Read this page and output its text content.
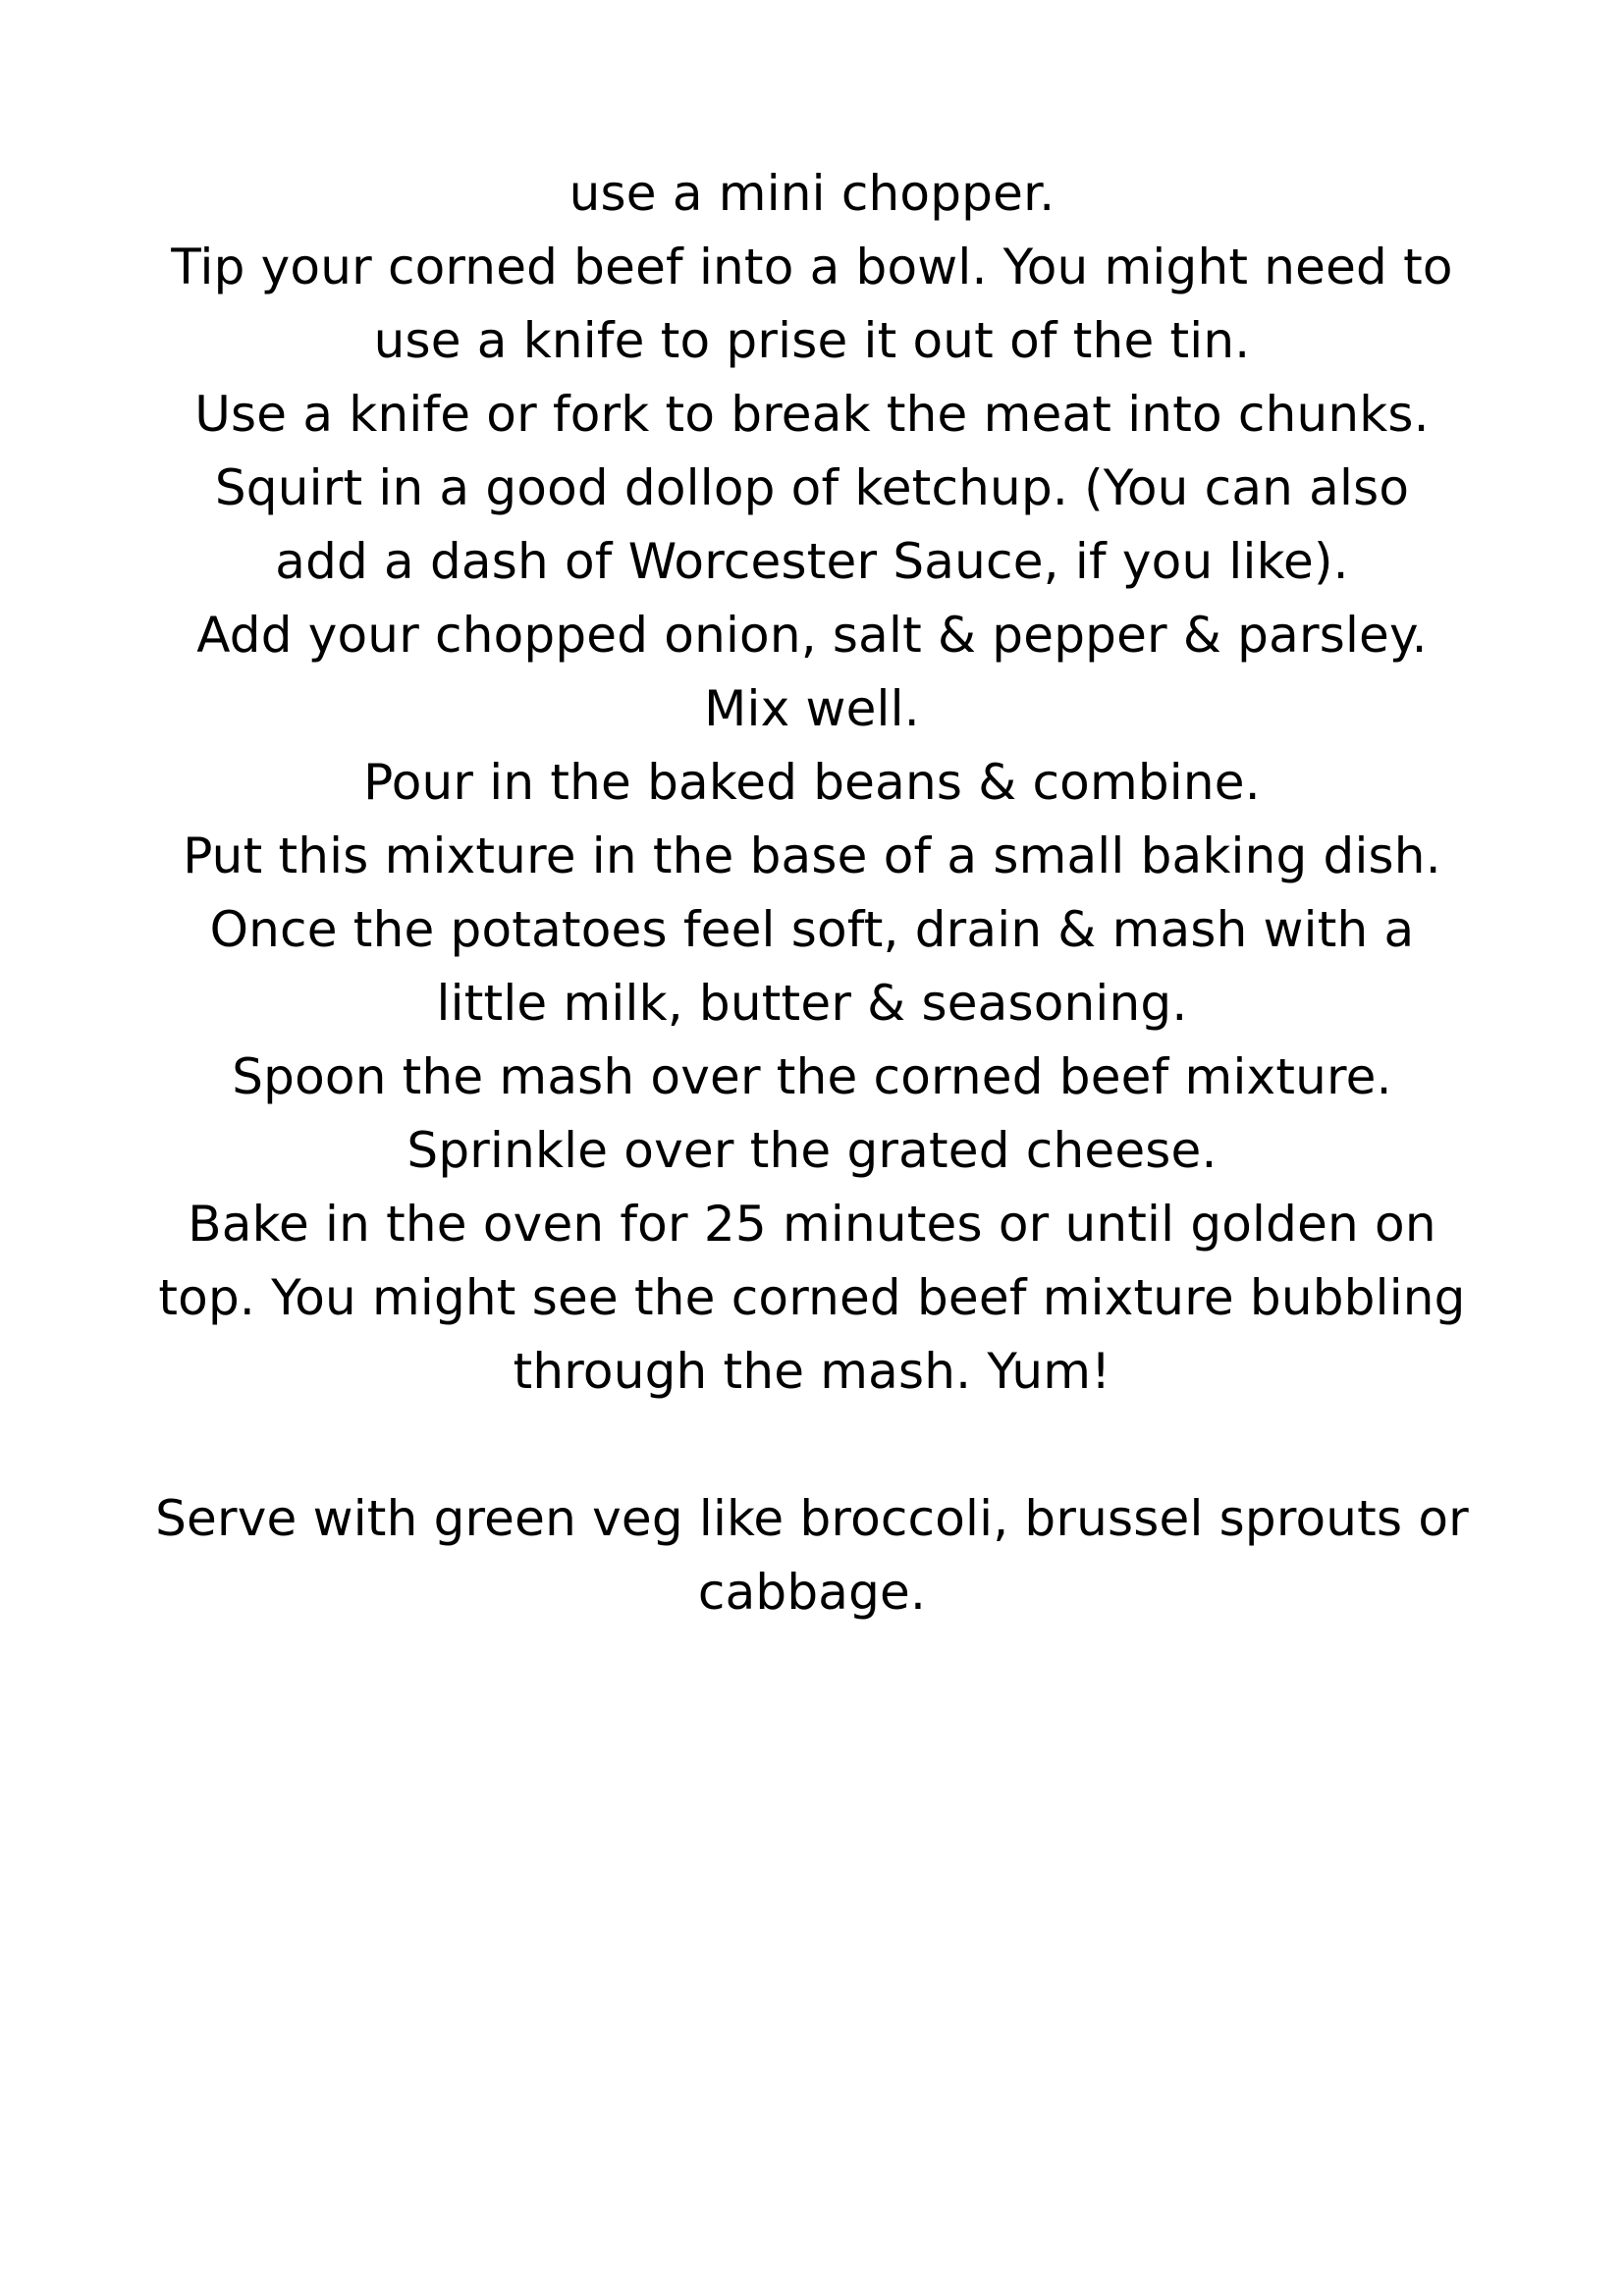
use a mini chopper.
Tip your corned beef into a bowl. You might need to
use a knife to prise it out of the tin.
Use a knife or fork to break the meat into chunks.
Squirt in a good dollop of ketchup. (You can also
add a dash of Worcester Sauce, if you like).
Add your chopped onion, salt & pepper & parsley.
Mix well.
Pour in the baked beans & combine.
Put this mixture in the base of a small baking dish.
Once the potatoes feel soft, drain & mash with a
little milk, butter & seasoning.
Spoon the mash over the corned beef mixture.
Sprinkle over the grated cheese.
Bake in the oven for 25 minutes or until golden on
top. You might see the corned beef mixture bubbling
through the mash. Yum!
Serve with green veg like broccoli, brussel sprouts or
cabbage.
